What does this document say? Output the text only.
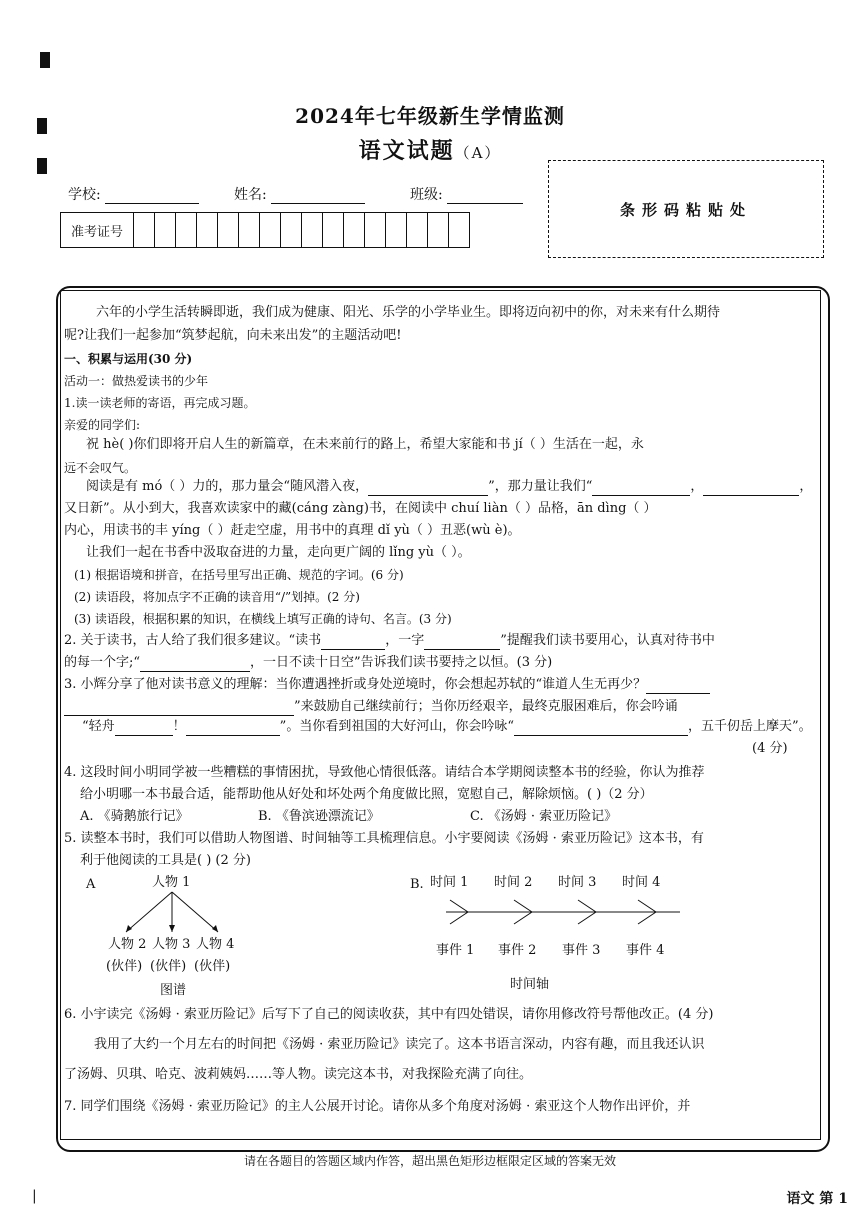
2024年七年级新生学情监测
语文试题（A）
学校:	姓名:	班级:
准考证号
条形码粘贴处
六年的小学生活转瞬即逝，我们成为健康、阳光、乐学的小学毕业生。即将迈向初中的你，对未来有什么期待
呢?让我们一起参加“筑梦起航，向未来出发”的主题活动吧!
一、积累与运用(30 分)
活动一：做热爱读书的少年
1.读一读老师的寄语，再完成习题。
亲爱的同学们:
祝 hè( )你们即将开启人生的新篇章，在未来前行的路上，希望大家能和书 jí（ ）生活在一起，永
远不会叹气。
阅读是有 mó（ ）力的，那力量会“随风潜入夜，	”，那力量让我们“	，	，
又日新”。从小到大，我喜欢读家中的藏(cáng zàng)书，在阅读中 chuí liàn（ ）品格，ān dìng（ ）
内心，用读书的丰 yíng（ ）赶走空虚，用书中的真理 dǐ yù（ ）丑恶(wù è)。
让我们一起在书香中汲取奋进的力量，走向更广阔的 lǐng yù（ ）。
(1) 根据语境和拼音，在括号里写出正确、规范的字词。(6 分)
(2) 读语段，将加点字不正确的读音用“/”划掉。(2 分)
(3) 读语段，根据积累的知识，在横线上填写正确的诗句、名言。(3 分)
2. 关于读书，古人给了我们很多建议。“读书	，一字	”提醒我们读书要用心，认真对待书中
的每一个字;“	，一日不读十日空”告诉我们读书要持之以恒。(3 分)
3. 小辉分享了他对读书意义的理解：当你遭遇挫折或身处逆境时，你会想起苏轼的“谁道人生无再少？
”来鼓励自己继续前行；当你历经艰辛，最终克服困难后，你会吟诵
“轻舟	！	”。当你看到祖国的大好河山，你会吟咏“	，五千仞岳上摩天”。
(4 分)
4. 这段时间小明同学被一些糟糕的事情困扰，导致他心情很低落。请结合本学期阅读整本书的经验，你认为推荐
给小明哪一本书最合适，能帮助他从好处和坏处两个角度做比照，宽慰自己，解除烦恼。( )（2 分）
A. 《骑鹅旅行记》	B. 《鲁滨逊漂流记》	C. 《汤姆 · 索亚历险记》
5. 读整本书时，我们可以借助人物图谱、时间轴等工具梳理信息。小宇要阅读《汤姆 · 索亚历险记》这本书，有
利于他阅读的工具是( ) (2 分)
A	人物 1
人物 2 人物 3 人物 4
(伙伴) (伙伴) (伙伴)
图谱
B. 时间 1 时间 2 时间 3 时间 4
事件 1 事件 2 事件 3 事件 4
时间轴
6. 小宇读完《汤姆 · 索亚历险记》后写下了自己的阅读收获，其中有四处错误，请你用修改符号帮他改正。(4 分)
我用了大约一个月左右的时间把《汤姆 · 索亚历险记》读完了。这本书语言深动，内容有趣，而且我还认识
了汤姆、贝琪、哈克、波莉姨妈……等人物。读完这本书，对我探险充满了向往。
7. 同学们围绕《汤姆 · 索亚历险记》的主人公展开讨论。请你从多个角度对汤姆 · 索亚这个人物作出评价，并
请在各题目的答题区域内作答，超出黑色矩形边框限定区域的答案无效
|	语文 第 1
